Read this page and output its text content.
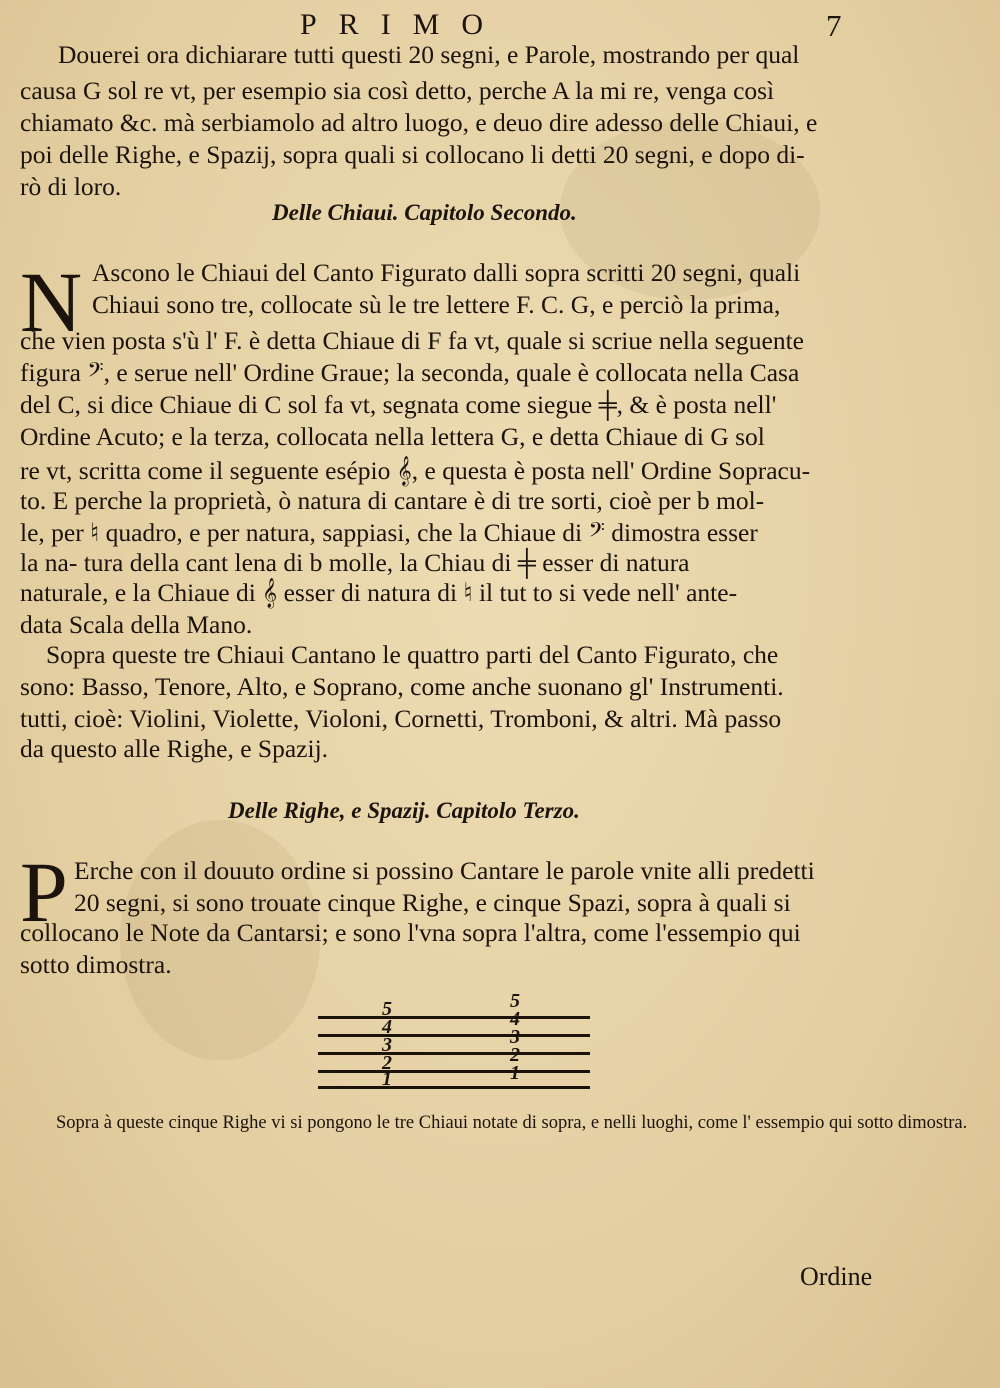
PRIMO	7
Douerei ora dichiarare tutti questi 20 segni, e Parole, mostrando per qual
causa G sol re vt, per esempio sia così detto, perche A la mi re, venga così
chiamato &c. mà serbiamolo ad altro luogo, e deuo dire adesso delle Chiaui, e
poi delle Righe, e Spazij, sopra quali si collocano li detti 20 segni, e dopo di-
rò di loro.
Delle Chiaui. Capitolo Secondo.
N Ascono le Chiaui del Canto Figurato dalli sopra scritti 20 segni, quali
Chiaui sono tre, collocate sù le tre lettere F. C. G, e perciò la prima,
che vien posta s'ù l' F. è detta Chiaue di F fa vt, quale si scriue nella seguente
figura 𝄢, e serue nell' Ordine Graue; la seconda, quale è collocata nella Casa
del C, si dice Chiaue di C sol fa vt, segnata come siegue ╪, & è posta nell'
Ordine Acuto; e la terza, collocata nella lettera G, e detta Chiaue di G sol
re vt, scritta come il seguente esépio 𝄞, e questa è posta nell' Ordine Sopracu-
to. E perche la proprietà, ò natura di cantare è di tre sorti, cioè per b mol-
le, per ♮ quadro, e per natura, sappiasi, che la Chiaue di 𝄢 dimostra esser
la na- tura della cant lena di b molle, la Chiau di ╪ esser di natura
naturale, e la Chiaue di 𝄞 esser di natura di ♮ il tut to si vede nell' ante-
data Scala della Mano.
Sopra queste tre Chiaui Cantano le quattro parti del Canto Figurato, che
sono: Basso, Tenore, Alto, e Soprano, come anche suonano gl' Instrumenti.
tutti, cioè: Violini, Violette, Violoni, Cornetti, Tromboni, & altri. Mà passo
da questo alle Righe, e Spazij.
Delle Righe, e Spazij. Capitolo Terzo.
P Erche con il douuto ordine si possino Cantare le parole vnite alli predetti
20 segni, si sono trouate cinque Righe, e cinque Spazi, sopra à quali si
collocano le Note da Cantarsi; e sono l'vna sopra l'altra, come l'essempio qui
sotto dimostra.
5
4
3
2
1
5
4
3
2
1
Sopra à queste cinque Righe vi si pongono le tre Chiaui notate di sopra, e nelli luoghi, come l' essempio qui sotto dimostra.
Ordine
